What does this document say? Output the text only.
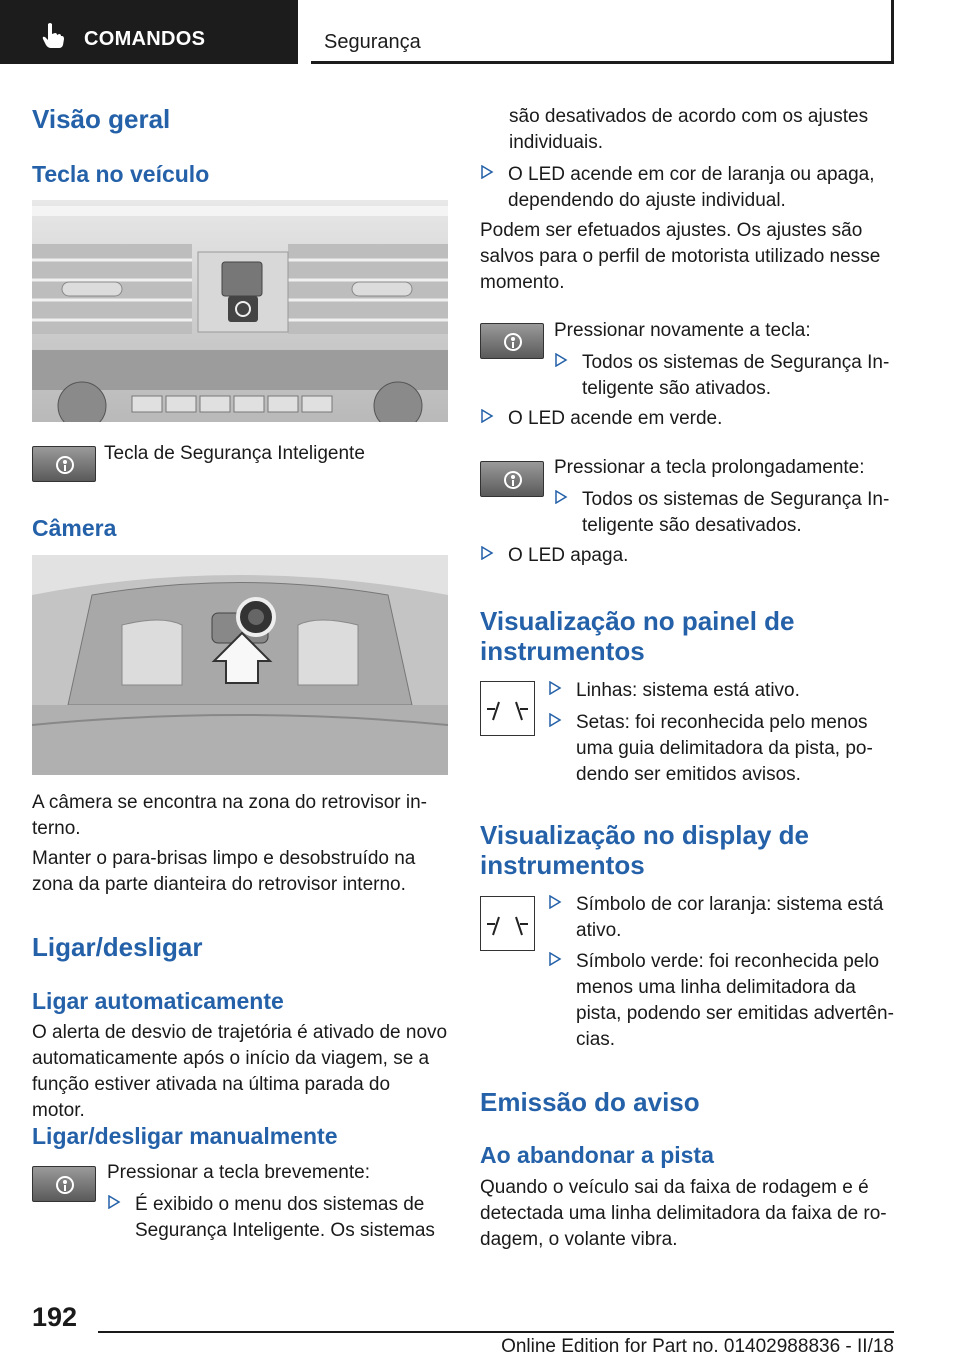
COMANDOS	Segurança
Visão geral
Tecla no veículo
Tecla de Segurança Inteligente
Câmera
A câmera se encontra na zona do retrovisor in- terno.
Manter o para-brisas limpo e desobstruído na zona da parte dianteira do retrovisor interno.
Ligar/desligar
Ligar automaticamente
O alerta de desvio de trajetória é ativado de novo automaticamente após o início da viagem, se a função estiver ativada na última parada do motor.
Ligar/desligar manualmente
Pressionar a tecla brevemente:
É exibido o menu dos sistemas de Segurança Inteligente. Os sistemas
são desativados de acordo com os ajustes individuais.
O LED acende em cor de laranja ou apaga, dependendo do ajuste individual.
Podem ser efetuados ajustes. Os ajustes são salvos para o perfil de motorista utilizado nesse momento.
Pressionar novamente a tecla:
Todos os sistemas de Segurança In- teligente são ativados.
O LED acende em verde.
Pressionar a tecla prolongadamente:
Todos os sistemas de Segurança In- teligente são desativados.
O LED apaga.
Visualização no painel de instrumentos
Linhas: sistema está ativo.
Setas: foi reconhecida pelo menos uma guia delimitadora da pista, po- dendo ser emitidos avisos.
Visualização no display de instrumentos
Símbolo de cor laranja: sistema está ativo.
Símbolo verde: foi reconhecida pelo menos uma linha delimitadora da pista, podendo ser emitidas advertên- cias.
Emissão do aviso
Ao abandonar a pista
Quando o veículo sai da faixa de rodagem e é detectada uma linha delimitadora da faixa de ro- dagem, o volante vibra.
192
Online Edition for Part no. 01402988836 - II/18
